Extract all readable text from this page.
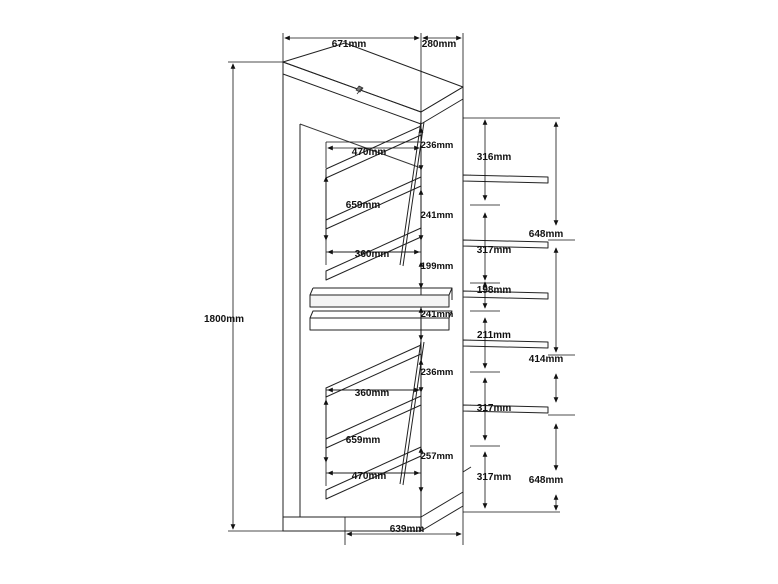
671mm	280mm
1800mm
470mm
236mm
316mm
659mm
241mm
648mm
360mm	317mm
199mm
198mm
241mm
211mm
414mm
236mm
360mm
317mm
659mm
257mm
470mm	317mm 648mm
639mm
